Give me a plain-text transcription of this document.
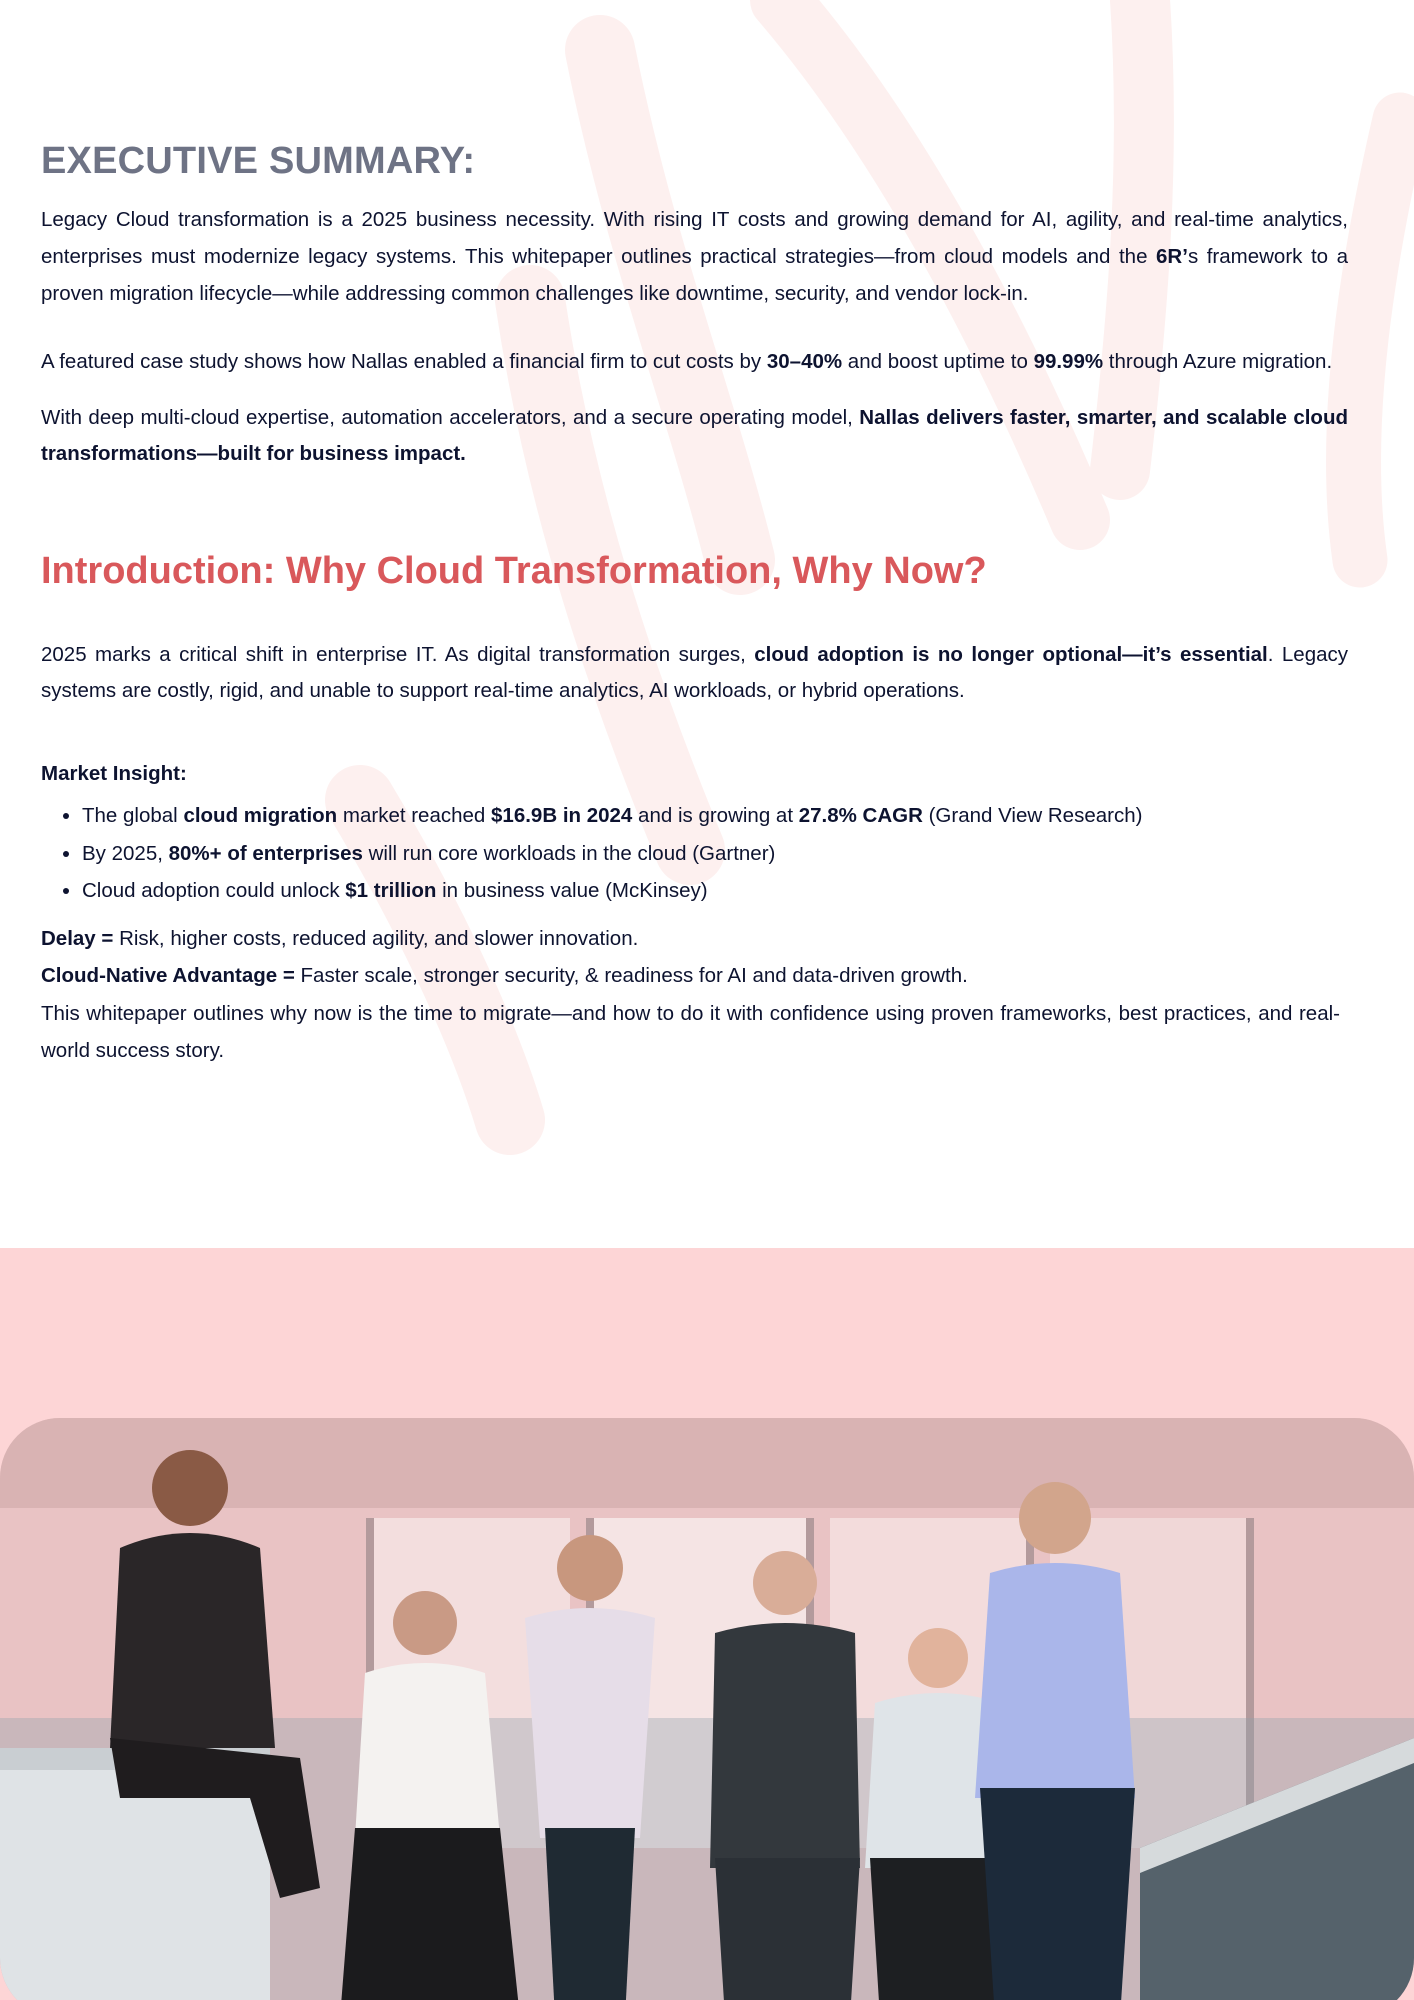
EXECUTIVE SUMMARY:

Legacy Cloud transformation is a 2025 business necessity. With rising IT costs and growing demand for AI, agility, and real-time analytics, enterprises must modernize legacy systems. This whitepaper outlines practical strategies—from cloud models and the 6R’s framework to a proven migration lifecycle—while addressing common challenges like downtime, security, and vendor lock-in.

A featured case study shows how Nallas enabled a financial firm to cut costs by 30–40% and boost uptime to 99.99% through Azure migration.

With deep multi-cloud expertise, automation accelerators, and a secure operating model, Nallas delivers faster, smarter, and scalable cloud transformations—built for business impact.

Introduction: Why Cloud Transformation, Why Now?

2025 marks a critical shift in enterprise IT. As digital transformation surges, cloud adoption is no longer optional—it’s essential. Legacy systems are costly, rigid, and unable to support real-time analytics, AI workloads, or hybrid operations.

Market Insight:
• The global cloud migration market reached $16.9B in 2024 and is growing at 27.8% CAGR (Grand View Research)
• By 2025, 80%+ of enterprises will run core workloads in the cloud (Gartner)
• Cloud adoption could unlock $1 trillion in business value (McKinsey)
Delay = Risk, higher costs, reduced agility, and slower innovation.
Cloud-Native Advantage = Faster scale, stronger security, & readiness for AI and data-driven growth.

This whitepaper outlines why now is the time to migrate—and how to do it with confidence using proven frameworks, best practices, and real-world success story.
